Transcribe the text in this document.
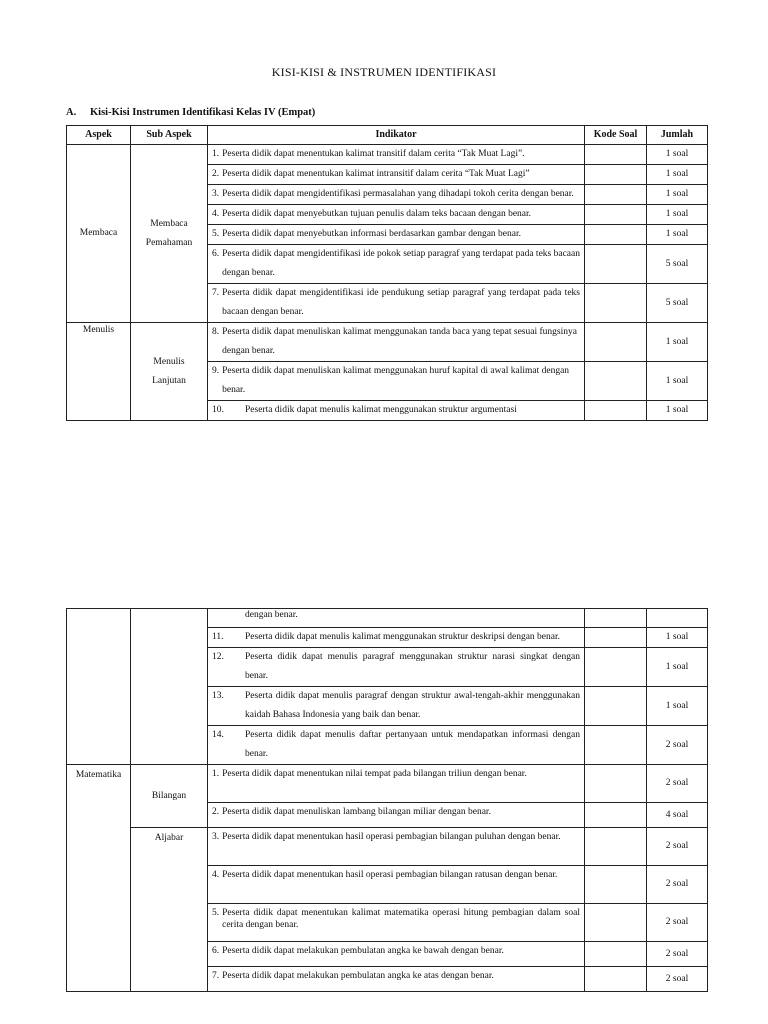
KISI-KISI & INSTRUMEN IDENTIFIKASI
A. Kisi-Kisi Instrumen Identifikasi Kelas IV (Empat)
Aspek	Sub Aspek	Indikator	Kode Soal	Jumlah
Membaca	Membaca Pemahaman	1. Peserta didik dapat menentukan kalimat transitif dalam cerita “Tak Muat Lagi”.		1 soal

		2. Peserta didik dapat menentukan kalimat intransitif dalam cerita “Tak Muat Lagi”		1 soal

		3. Peserta didik dapat mengidentifikasi permasalahan yang dihadapi tokoh cerita dengan benar.		1 soal

		4. Peserta didik dapat menyebutkan tujuan penulis dalam teks bacaan dengan benar.		1 soal

		5. Peserta didik dapat menyebutkan informasi berdasarkan gambar dengan benar.		1 soal

		6. Peserta didik dapat mengidentifikasi ide pokok setiap paragraf yang terdapat pada teks bacaan dengan benar.		5 soal

		7. Peserta didik dapat mengidentifikasi ide pendukung setiap paragraf yang terdapat pada teks bacaan dengan benar.		5 soal
Menulis	Menulis Lanjutan	8. Peserta didik dapat menuliskan kalimat menggunakan tanda baca yang tepat sesuai fungsinya dengan benar.		1 soal

		9. Peserta didik dapat menuliskan kalimat menggunakan huruf kapital di awal kalimat dengan benar.		1 soal

		10. Peserta didik dapat menulis kalimat menggunakan struktur argumentasi		1 soal

		dengan benar.		

		11. Peserta didik dapat menulis kalimat menggunakan struktur deskripsi dengan benar.		1 soal

		12. Peserta didik dapat menulis paragraf menggunakan struktur narasi singkat dengan benar.		1 soal

		13. Peserta didik dapat menulis paragraf dengan struktur awal-tengah-akhir menggunakan kaidah Bahasa Indonesia yang baik dan benar.		1 soal

		14. Peserta didik dapat menulis daftar pertanyaan untuk mendapatkan informasi dengan benar.		2 soal
Matematika	Bilangan	1. Peserta didik dapat menentukan nilai tempat pada bilangan triliun dengan benar.		2 soal

		2. Peserta didik dapat menuliskan lambang bilangan miliar dengan benar.		4 soal
	Aljabar	3. Peserta didik dapat menentukan hasil operasi pembagian bilangan puluhan dengan benar.		2 soal

		4. Peserta didik dapat menentukan hasil operasi pembagian bilangan ratusan dengan benar.		2 soal

		5. Peserta didik dapat menentukan kalimat matematika operasi hitung pembagian dalam soal cerita dengan benar.		2 soal

		6. Peserta didik dapat melakukan pembulatan angka ke bawah dengan benar.		2 soal

		7. Peserta didik dapat melakukan pembulatan angka ke atas dengan benar.		2 soal
